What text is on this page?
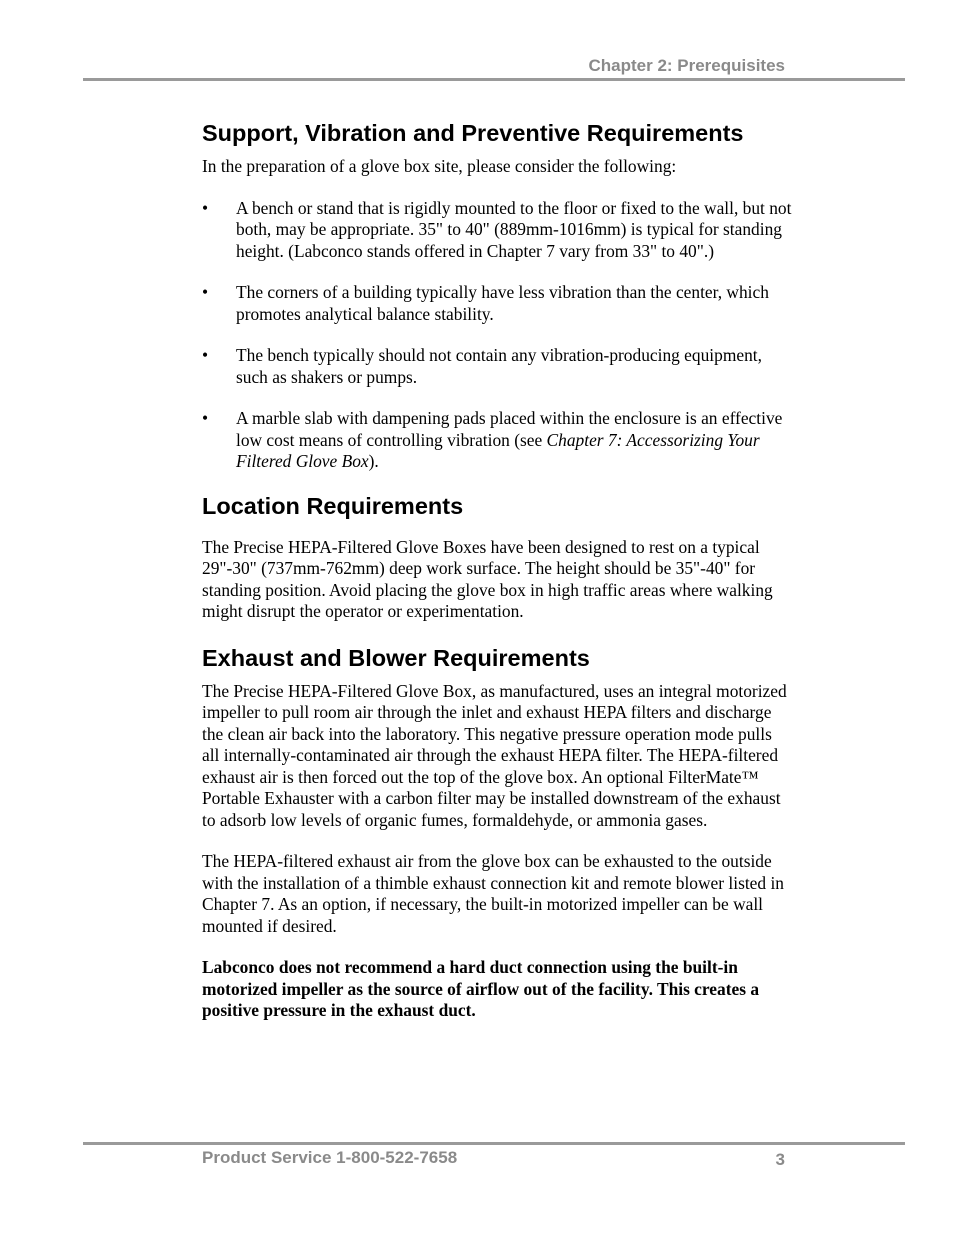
Chapter 2: Prerequisites
Support, Vibration and Preventive Requirements

In the preparation of a glove box site, please consider the following:

• A bench or stand that is rigidly mounted to the floor or fixed to the wall, but not both, may be appropriate. 35" to 40" (889mm-1016mm) is typical for standing height. (Labconco stands offered in Chapter 7 vary from 33" to 40".)
• The corners of a building typically have less vibration than the center, which promotes analytical balance stability.
• The bench typically should not contain any vibration-producing equipment, such as shakers or pumps.
• A marble slab with dampening pads placed within the enclosure is an effective low cost means of controlling vibration (see Chapter 7: Accessorizing Your Filtered Glove Box).
Location Requirements

The Precise HEPA-Filtered Glove Boxes have been designed to rest on a typical 29"-30" (737mm-762mm) deep work surface. The height should be 35"-40" for standing position. Avoid placing the glove box in high traffic areas where walking might disrupt the operator or experimentation.

Exhaust and Blower Requirements

The Precise HEPA-Filtered Glove Box, as manufactured, uses an integral motorized impeller to pull room air through the inlet and exhaust HEPA filters and discharge the clean air back into the laboratory. This negative pressure operation mode pulls all internally-contaminated air through the exhaust HEPA filter. The HEPA-filtered exhaust air is then forced out the top of the glove box. An optional FilterMate™ Portable Exhauster with a carbon filter may be installed downstream of the exhaust to adsorb low levels of organic fumes, formaldehyde, or ammonia gases.

The HEPA-filtered exhaust air from the glove box can be exhausted to the outside with the installation of a thimble exhaust connection kit and remote blower listed in Chapter 7. As an option, if necessary, the built-in motorized impeller can be wall mounted if desired.

Labconco does not recommend a hard duct connection using the built-in motorized impeller as the source of airflow out of the facility. This creates a positive pressure in the exhaust duct.

Product Service 1-800-522-7658	3
